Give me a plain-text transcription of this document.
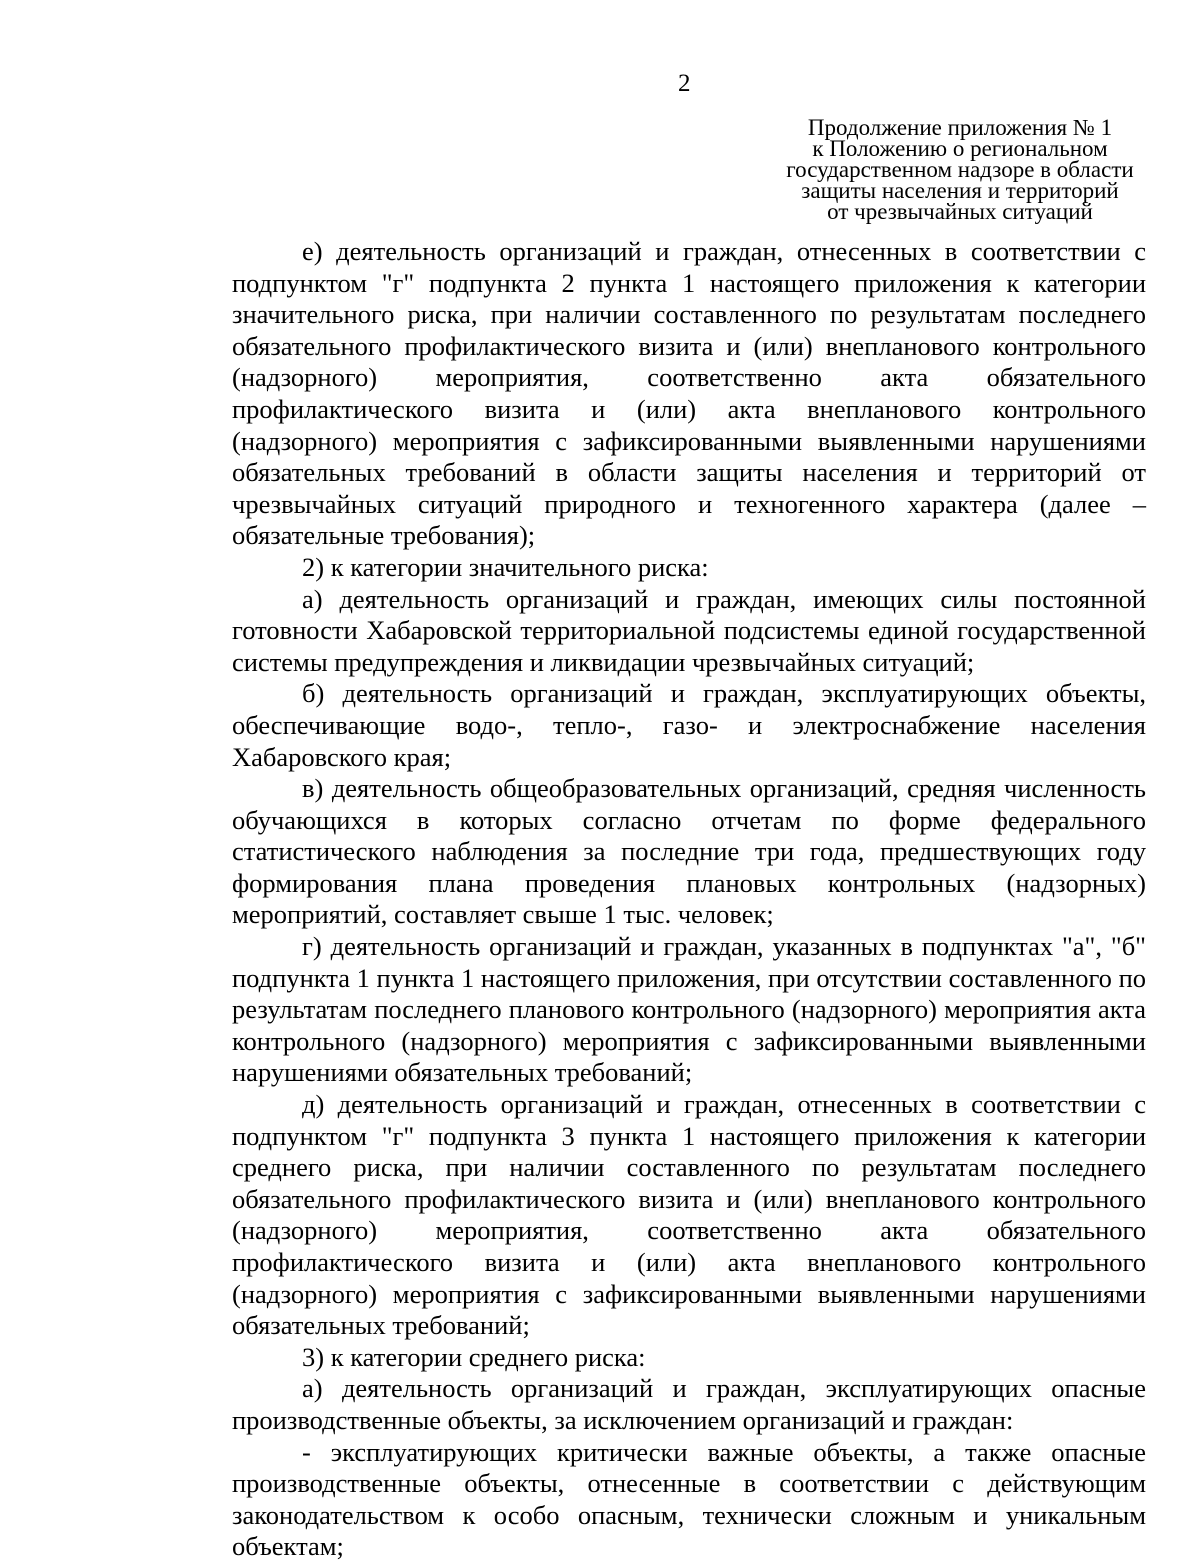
2
Продолжение приложения № 1
к Положению о региональном
государственном надзоре в области
защиты населения и территорий
от чрезвычайных ситуаций

е) деятельность организаций и граждан, отнесенных в соответствии с подпунктом "г" подпункта 2 пункта 1 настоящего приложения к категории значительного риска, при наличии составленного по результатам последнего обязательного профилактического визита и (или) внепланового контрольного (надзорного) мероприятия, соответственно акта обязательного профилактического визита и (или) акта внепланового контрольного (надзорного) мероприятия с зафиксированными выявленными нарушениями обязательных требований в области защиты населения и территорий от чрезвычайных ситуаций природного и техногенного характера (далее – обязательные требования);

2) к категории значительного риска:

а) деятельность организаций и граждан, имеющих силы постоянной готовности Хабаровской территориальной подсистемы единой государственной системы предупреждения и ликвидации чрезвычайных ситуаций;

б) деятельность организаций и граждан, эксплуатирующих объекты, обеспечивающие водо-, тепло-, газо- и электроснабжение населения Хабаровского края;

в) деятельность общеобразовательных организаций, средняя численность обучающихся в которых согласно отчетам по форме федерального статистического наблюдения за последние три года, предшествующих году формирования плана проведения плановых контрольных (надзорных) мероприятий, составляет свыше 1 тыс. человек;

г) деятельность организаций и граждан, указанных в подпунктах "а", "б" подпункта 1 пункта 1 настоящего приложения, при отсутствии составленного по результатам последнего планового контрольного (надзорного) мероприятия акта контрольного (надзорного) мероприятия с зафиксированными выявленными нарушениями обязательных требований;

д) деятельность организаций и граждан, отнесенных в соответствии с подпунктом "г" подпункта 3 пункта 1 настоящего приложения к категории среднего риска, при наличии составленного по результатам последнего обязательного профилактического визита и (или) внепланового контрольного (надзорного) мероприятия, соответственно акта обязательного профилактического визита и (или) акта внепланового контрольного (надзорного) мероприятия с зафиксированными выявленными нарушениями обязательных требований;

3) к категории среднего риска:

а) деятельность организаций и граждан, эксплуатирующих опасные производственные объекты, за исключением организаций и граждан:

- эксплуатирующих критически важные объекты, а также опасные производственные объекты, отнесенные в соответствии с действующим законодательством к особо опасным, технически сложным и уникальным объектам;
